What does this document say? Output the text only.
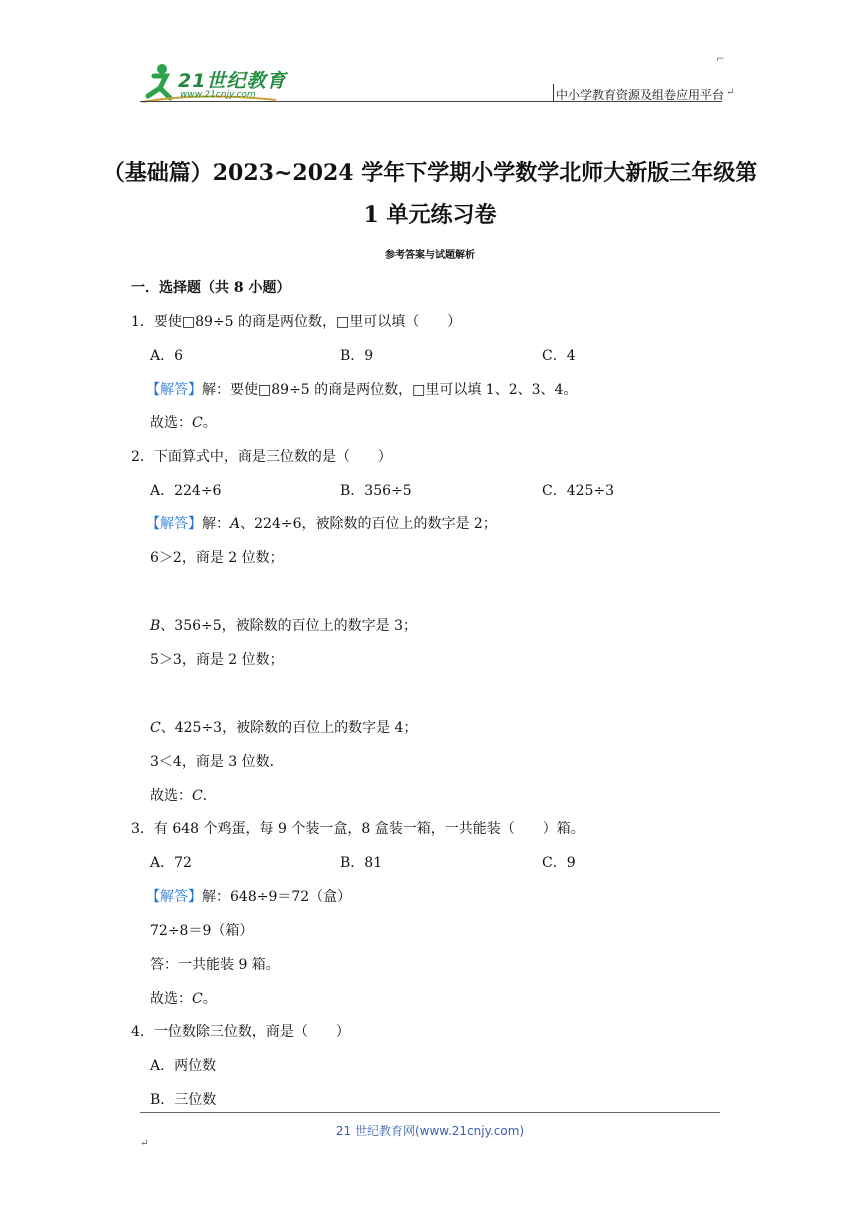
21世纪教育
www.21cnjy.com	中小学教育资源及组卷应用平台 ↵
⌐
（基础篇）2023~2024 学年下学期小学数学北师大新版三年级第
1 单元练习卷
参考答案与试题解析
一．选择题（共 8 小题）
1．要使□89÷5 的商是两位数，□里可以填（　　）
A．6	B．9	C．4
【解答】解：要使□89÷5 的商是两位数，□里可以填 1、2、3、4。
故选：C。
2．下面算式中，商是三位数的是（　　）
A．224÷6	B．356÷5	C．425÷3
【解答】解：A、224÷6，被除数的百位上的数字是 2；
6＞2，商是 2 位数；
B、356÷5，被除数的百位上的数字是 3；
5＞3，商是 2 位数；
C、425÷3，被除数的百位上的数字是 4；
3＜4，商是 3 位数．
故选：C．
3．有 648 个鸡蛋，每 9 个装一盒，8 盒装一箱，一共能装（　　）箱。
A．72	B．81	C．9
【解答】解：648÷9＝72（盒）
72÷8＝9（箱）
答：一共能装 9 箱。
故选：C。
4．一位数除三位数，商是（　　）
A．两位数
B．三位数
21 世纪教育网(www.21cnjy.com)
↵
